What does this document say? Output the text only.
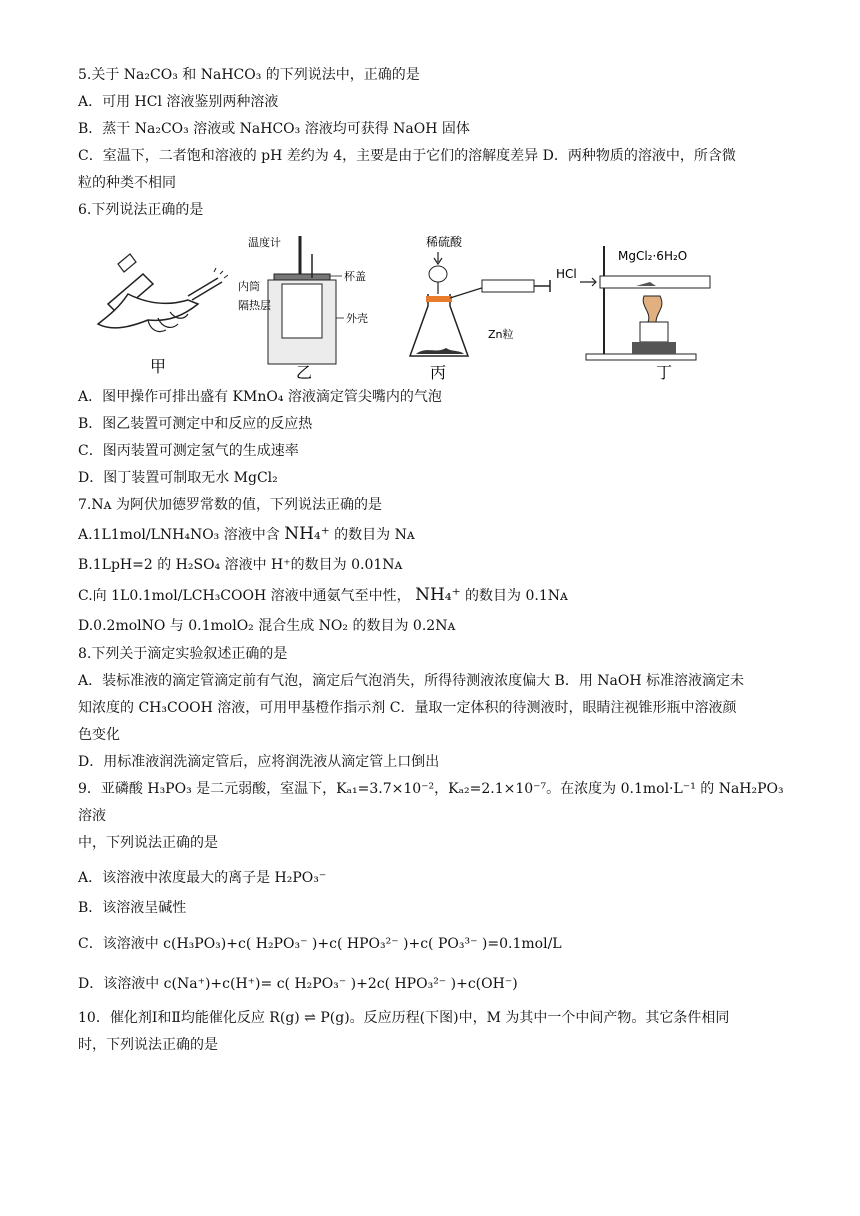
5.关于 Na₂CO₃ 和 NaHCO₃ 的下列说法中，正确的是

A．可用 HCl 溶液鉴别两种溶液

B．蒸干 Na₂CO₃ 溶液或 NaHCO₃ 溶液均可获得 NaOH 固体

C．室温下，二者饱和溶液的 pH 差约为 4，主要是由于它们的溶解度差异 D．两种物质的溶液中，所含微

粒的种类不相同

6.下列说法正确的是

甲
温度计
杯盖
内筒
隔热层
外壳
乙
稀硫酸
Zn粒
丙
HCl
MgCl₂·6H₂O
丁

A．图甲操作可排出盛有 KMnO₄ 溶液滴定管尖嘴内的气泡

B．图乙装置可测定中和反应的反应热

C．图丙装置可测定氢气的生成速率

D．图丁装置可制取无水 MgCl₂

7.Nᴀ 为阿伏加德罗常数的值，下列说法正确的是

A.1L1mol/LNH₄NO₃ 溶液中含 NH₄⁺ 的数目为 Nᴀ

B.1LpH=2 的 H₂SO₄ 溶液中 H⁺的数目为 0.01Nᴀ

C.向 1L0.1mol/LCH₃COOH 溶液中通氨气至中性， NH₄⁺ 的数目为 0.1Nᴀ

D.0.2molNO 与 0.1molO₂ 混合生成 NO₂ 的数目为 0.2Nᴀ

8.下列关于滴定实验叙述正确的是

A．装标准液的滴定管滴定前有气泡，滴定后气泡消失，所得待测液浓度偏大 B．用 NaOH 标准溶液滴定未

知浓度的 CH₃COOH 溶液，可用甲基橙作指示剂 C．量取一定体积的待测液时，眼睛注视锥形瓶中溶液颜

色变化

D．用标准液润洗滴定管后，应将润洗液从滴定管上口倒出

9．亚磷酸 H₃PO₃ 是二元弱酸，室温下，Kₐ₁=3.7×10⁻²，Kₐ₂=2.1×10⁻⁷。在浓度为 0.1mol·L⁻¹ 的 NaH₂PO₃ 溶液

中，下列说法正确的是

A．该溶液中浓度最大的离子是 H₂PO₃⁻

B．该溶液呈碱性

C．该溶液中 c(H₃PO₃)+c( H₂PO₃⁻ )+c( HPO₃²⁻ )+c( PO₃³⁻ )=0.1mol/L

D．该溶液中 c(Na⁺)+c(H⁺)= c( H₂PO₃⁻ )+2c( HPO₃²⁻ )+c(OH⁻)

10．催化剂Ⅰ和Ⅱ均能催化反应 R(g) ⇌ P(g)。反应历程(下图)中，M 为其中一个中间产物。其它条件相同

时，下列说法正确的是
